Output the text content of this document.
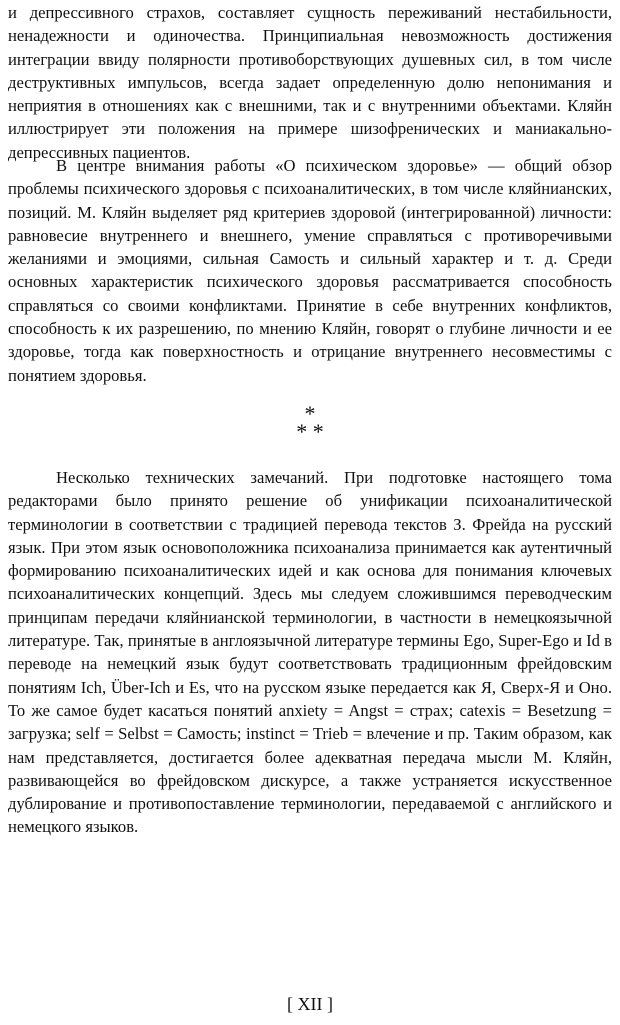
и депрессивного страхов, составляет сущность переживаний нестабильности, ненадежности и одиночества. Принципиальная невозможность достижения интеграции ввиду полярности противоборствующих душевных сил, в том числе деструктивных импульсов, всегда задает определенную долю непонимания и неприятия в отношениях как с внешними, так и с внутренними объектами. Кляйн иллюстрирует эти положения на примере шизофренических и маниакально-депрессивных пациентов.

В центре внимания работы «О психическом здоровье» — общий обзор проблемы психического здоровья с психоаналитических, в том числе кляйнианских, позиций. М. Кляйн выделяет ряд критериев здоровой (интегрированной) личности: равновесие внутреннего и внешнего, умение справляться с противоречивыми желаниями и эмоциями, сильная Самость и сильный характер и т. д. Среди основных характеристик психического здоровья рассматривается способность справляться со своими конфликтами. Принятие в себе внутренних конфликтов, способность к их разрешению, по мнению Кляйн, говорят о глубине личности и ее здоровье, тогда как поверхностность и отрицание внутреннего несовместимы с понятием здоровья.

*
* *

Несколько технических замечаний. При подготовке настоящего тома редакторами было принято решение об унификации психоаналитической терминологии в соответствии с традицией перевода текстов З. Фрейда на русский язык. При этом язык основоположника психоанализа принимается как аутентичный формированию психоаналитических идей и как основа для понимания ключевых психоаналитических концепций. Здесь мы следуем сложившимся переводческим принципам передачи кляйнианской терминологии, в частности в немецкоязычной литературе. Так, принятые в англоязычной литературе термины Ego, Super-Ego и Id в переводе на немецкий язык будут соответствовать традиционным фрейдовским понятиям Ich, Über-Ich и Es, что на русском языке передается как Я, Сверх-Я и Оно. То же самое будет касаться понятий anxiety = Angst = страх; catexis = Besetzung = загрузка; self = Selbst = Самость; instinct = Trieb = влечение и пр. Таким образом, как нам представляется, достигается более адекватная передача мысли М. Кляйн, развивающейся во фрейдовском дискурсе, а также устраняется искусственное дублирование и противопоставление терминологии, передаваемой с английского и немецкого языков.

[ XII ]
